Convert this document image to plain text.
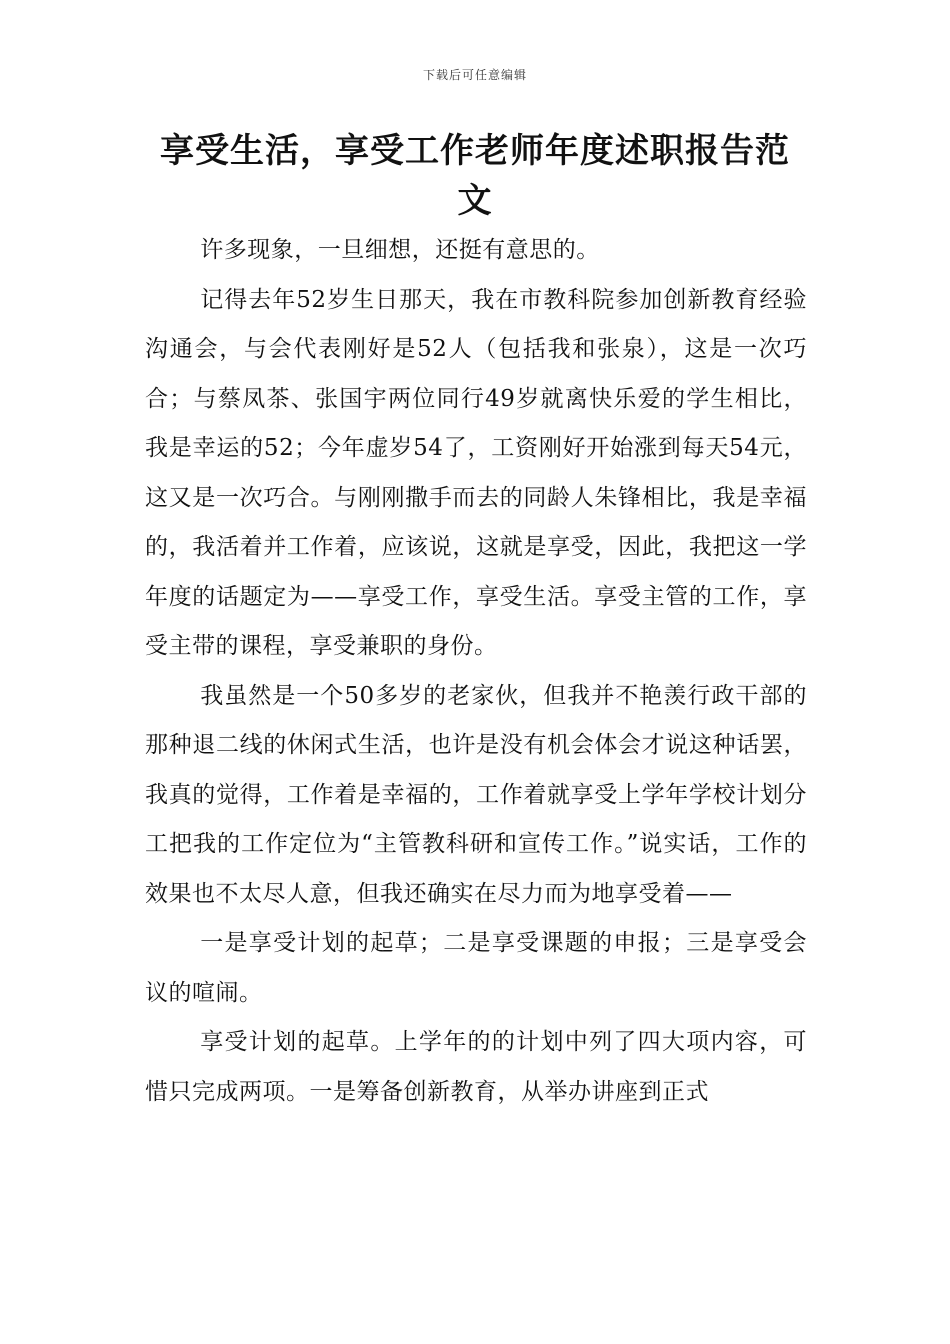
下载后可任意编辑
享受生活，享受工作老师年度述职报告范文

许多现象，一旦细想，还挺有意思的。

记得去年52岁生日那天，我在市教科院参加创新教育经验沟通会，与会代表刚好是52人（包括我和张泉），这是一次巧合；与蔡凤茶、张国宇两位同行49岁就离快乐爱的学生相比，我是幸运的52；今年虚岁54了，工资刚好开始涨到每天54元，这又是一次巧合。与刚刚撒手而去的同龄人朱锋相比，我是幸福的，我活着并工作着，应该说，这就是享受，因此，我把这一学年度的话题定为——享受工作，享受生活。享受主管的工作，享受主带的课程，享受兼职的身份。

我虽然是一个50多岁的老家伙，但我并不艳羡行政干部的那种退二线的休闲式生活，也许是没有机会体会才说这种话罢，我真的觉得，工作着是幸福的，工作着就享受上学年学校计划分工把我的工作定位为“主管教科研和宣传工作。”说实话，工作的效果也不太尽人意，但我还确实在尽力而为地享受着——

一是享受计划的起草；二是享受课题的申报；三是享受会议的喧闹。

享受计划的起草。上学年的的计划中列了四大项内容，可惜只完成两项。一是筹备创新教育，从举办讲座到正式
